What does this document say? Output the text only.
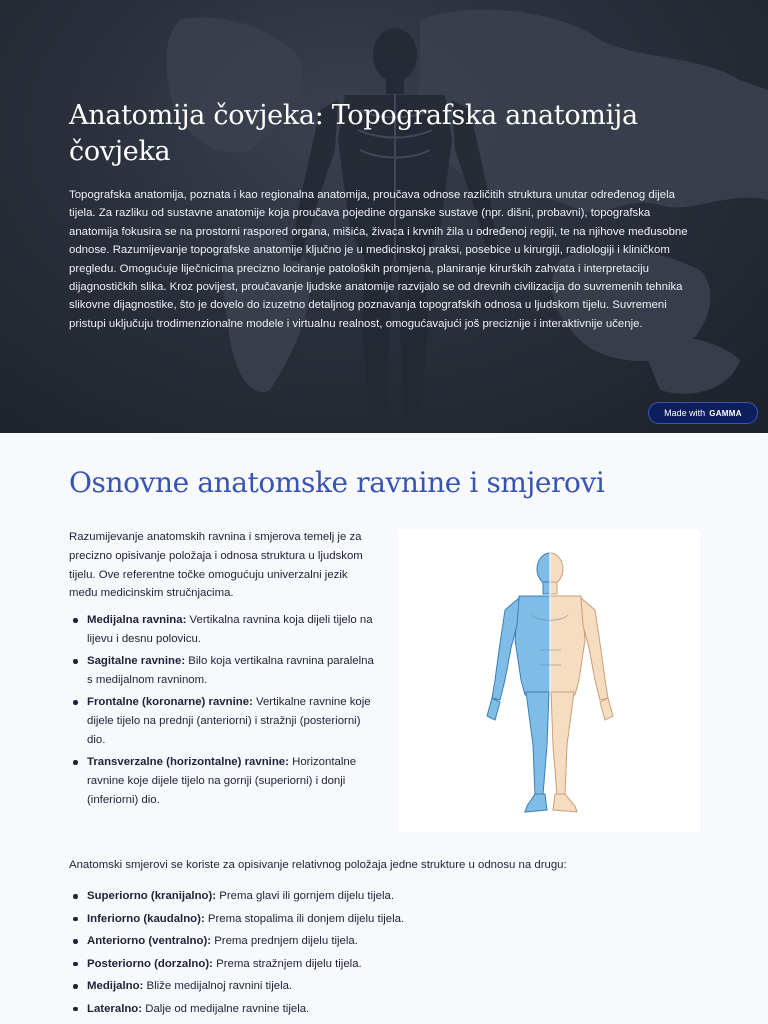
Anatomija čovjeka: Topografska anatomija čovjeka

Topografska anatomija, poznata i kao regionalna anatomija, proučava odnose različitih struktura unutar određenog dijela tijela. Za razliku od sustavne anatomije koja proučava pojedine organske sustave (npr. dišni, probavni), topografska anatomija fokusira se na prostorni raspored organa, mišića, živaca i krvnih žila u određenoj regiji, te na njihove međusobne odnose. Razumijevanje topografske anatomije ključno je u medicinskoj praksi, posebice u kirurgiji, radiologiji i kliničkom pregledu. Omogućuje liječnicima precizno lociranje patoloških promjena, planiranje kirurških zahvata i interpretaciju dijagnostičkih slika. Kroz povijest, proučavanje ljudske anatomije razvijalo se od drevnih civilizacija do suvremenih tehnika slikovne dijagnostike, što je dovelo do izuzetno detaljnog poznavanja topografskih odnosa u ljudskom tijelu. Suvremeni pristupi uključuju trodimenzionalne modele i virtualnu realnost, omogućavajući još preciznije i interaktivnije učenje.

Made with GAMMA
Osnovne anatomske ravnine i smjerovi

Razumijevanje anatomskih ravnina i smjerova temelj je za precizno opisivanje položaja i odnosa struktura u ljudskom tijelu. Ove referentne točke omogućuju univerzalni jezik među medicinskim stručnjacima.

Medijalna ravnina: Vertikalna ravnina koja dijeli tijelo na lijevu i desnu polovicu.
Sagitalne ravnine: Bilo koja vertikalna ravnina paralelna s medijalnom ravninom.
Frontalne (koronarne) ravnine: Vertikalne ravnine koje dijele tijelo na prednji (anteriorni) i stražnji (posteriorni) dio.
Transverzalne (horizontalne) ravnine: Horizontalne ravnine koje dijele tijelo na gornji (superiorni) i donji (inferiorni) dio.

Anatomski smjerovi se koriste za opisivanje relativnog položaja jedne strukture u odnosu na drugu:

Superiorno (kranijalno): Prema glavi ili gornjem dijelu tijela.
Inferiorno (kaudalno): Prema stopalima ili donjem dijelu tijela.
Anteriorno (ventralno): Prema prednjem dijelu tijela.
Posteriorno (dorzalno): Prema stražnjem dijelu tijela.
Medijalno: Bliže medijalnoj ravnini tijela.
Lateralno: Dalje od medijalne ravnine tijela.
